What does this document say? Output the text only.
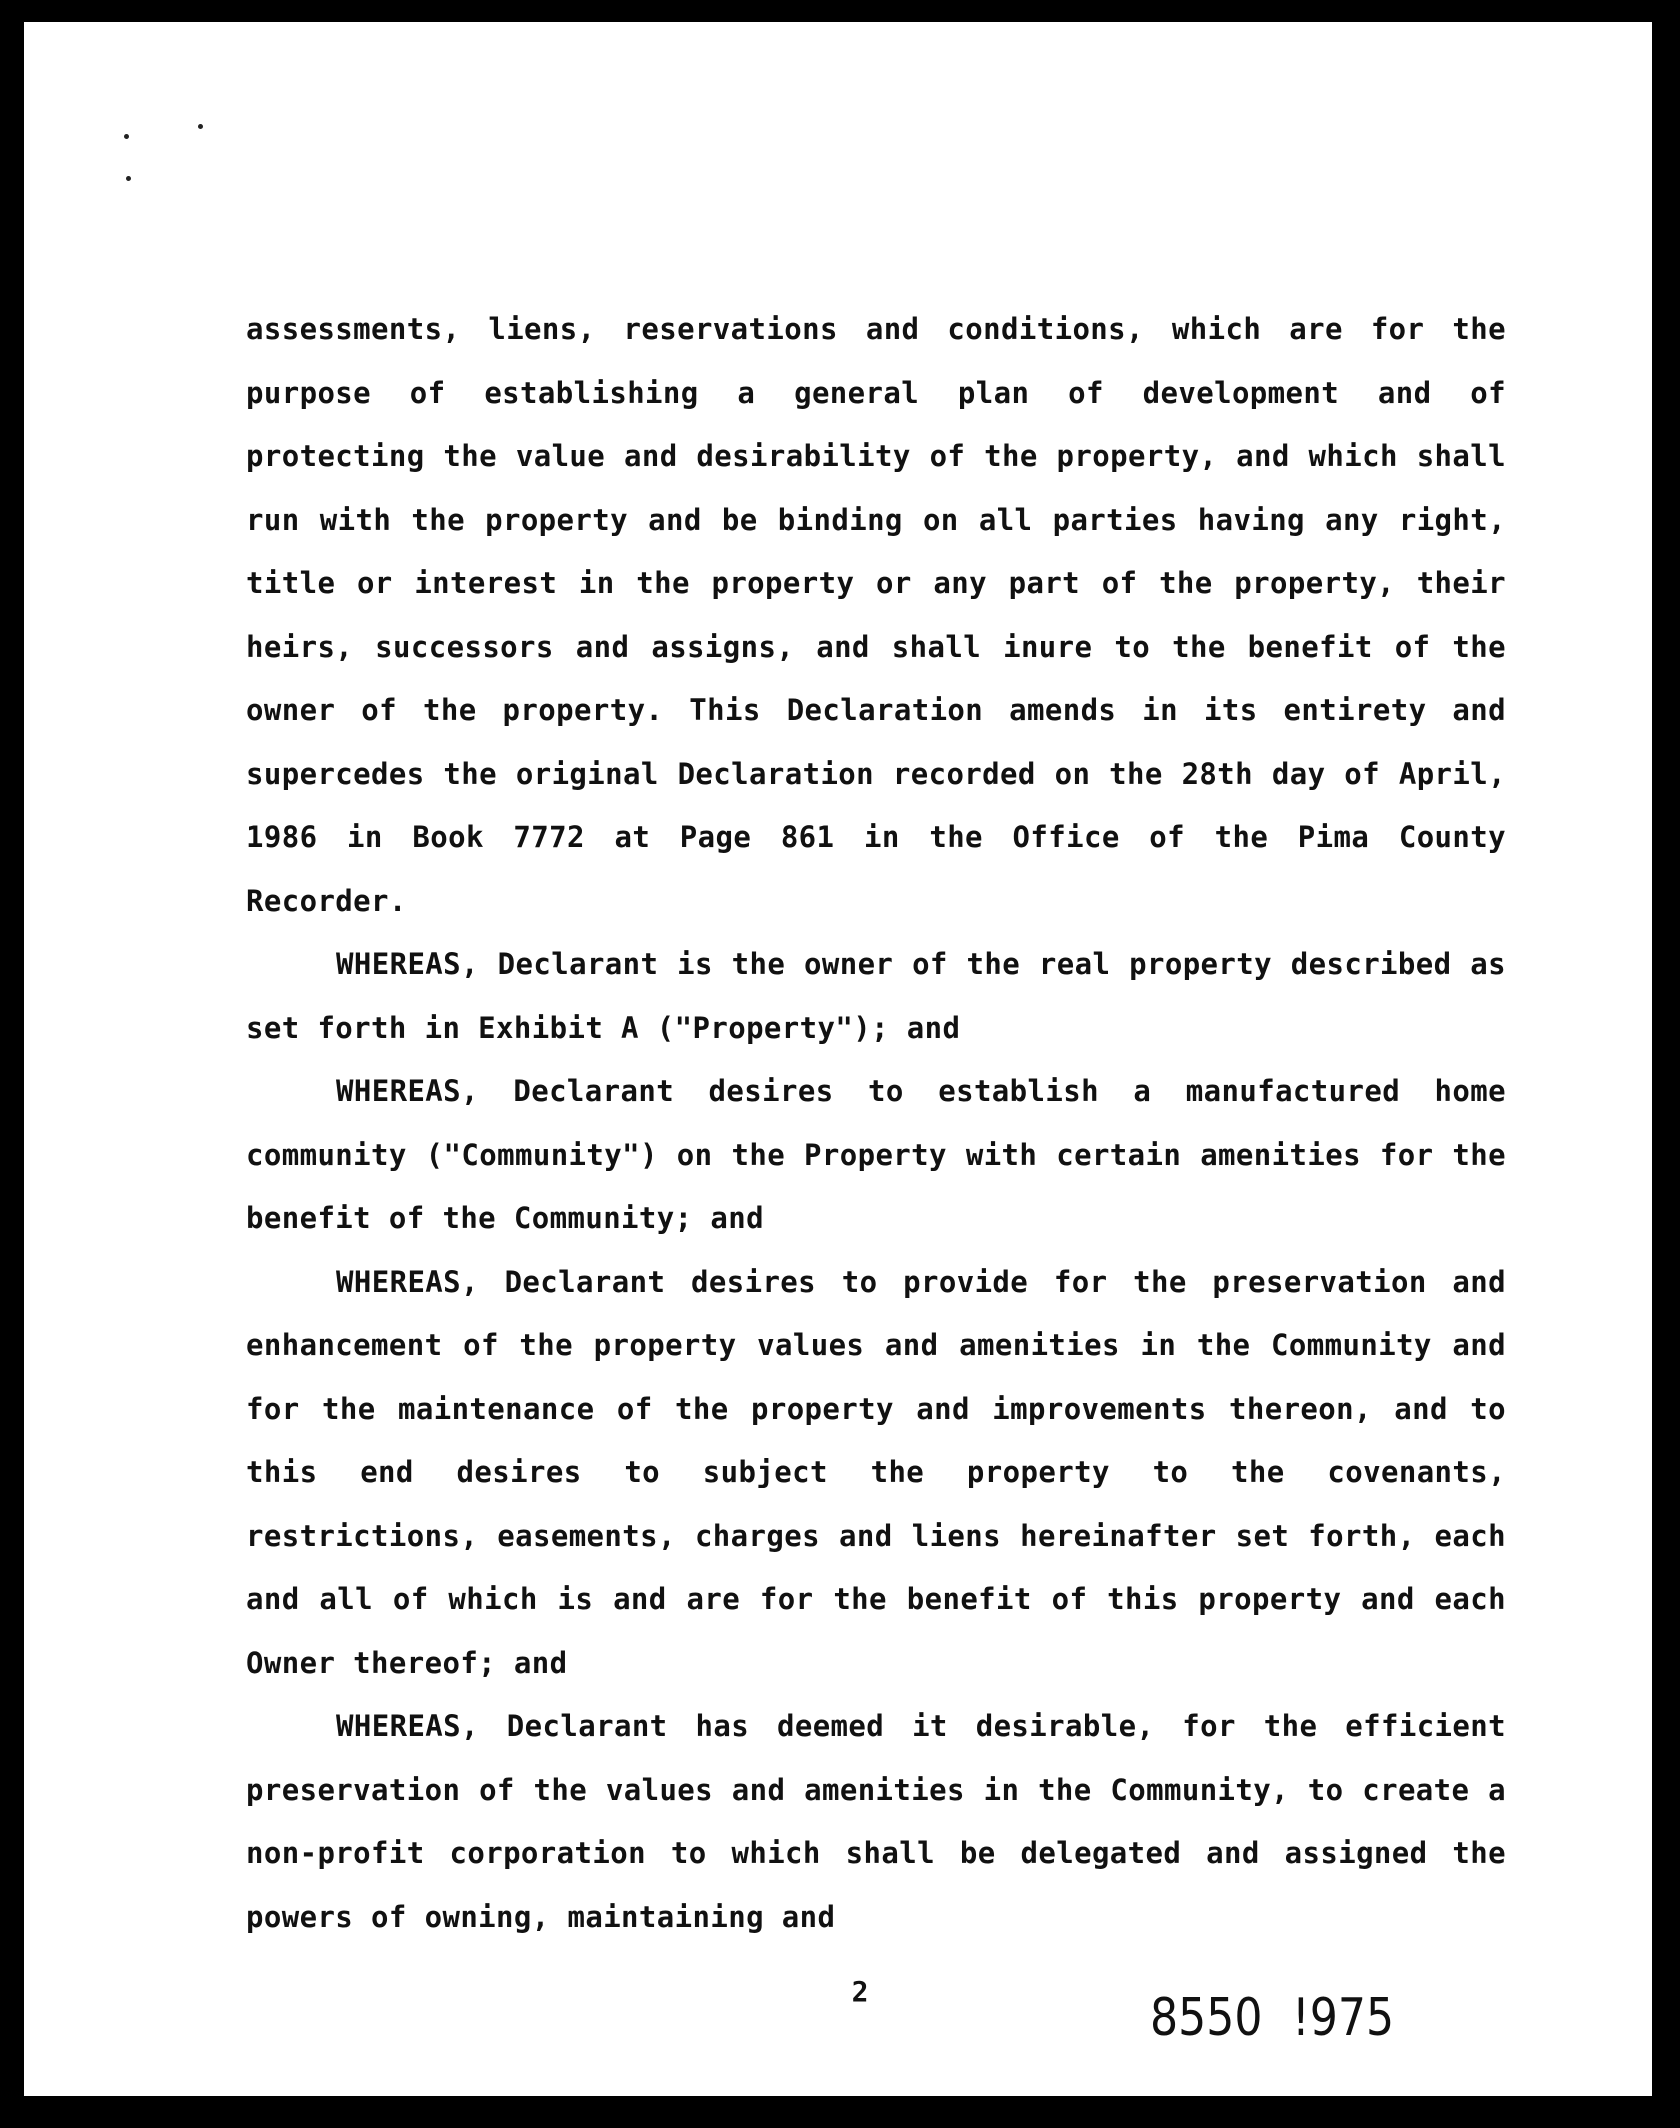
assessments, liens, reservations and conditions, which are for the purpose of establishing a general plan of development and of protecting the value and desirability of the property, and which shall run with the property and be binding on all parties having any right, title or interest in the property or any part of the property, their heirs, successors and assigns, and shall inure to the benefit of the owner of the property. This Declaration amends in its entirety and supercedes the original Declaration recorded on the 28th day of April, 1986 in Book 7772 at Page 861 in the Office of the Pima County Recorder.

WHEREAS, Declarant is the owner of the real property described as set forth in Exhibit A ("Property"); and

WHEREAS, Declarant desires to establish a manufactured home community ("Community") on the Property with certain amenities for the benefit of the Community; and

WHEREAS, Declarant desires to provide for the preservation and enhancement of the property values and amenities in the Community and for the maintenance of the property and improvements thereon, and to this end desires to subject the property to the covenants, restrictions, easements, charges and liens hereinafter set forth, each and all of which is and are for the benefit of this property and each Owner thereof; and

WHEREAS, Declarant has deemed it desirable, for the efficient preservation of the values and amenities in the Community, to create a non-profit corporation to which shall be delegated and assigned the powers of owning, maintaining and

2	8550 !975
